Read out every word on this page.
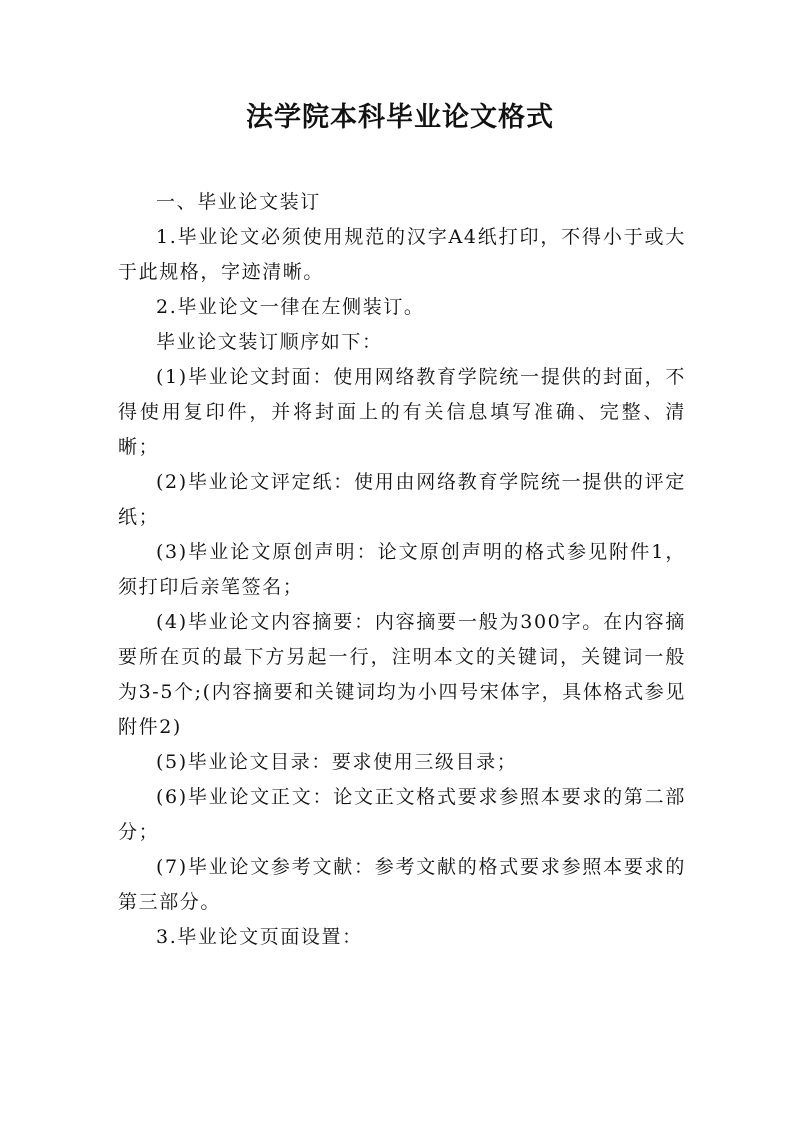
法学院本科毕业论文格式

一、毕业论文装订

1.毕业论文必须使用规范的汉字A4纸打印，不得小于或大于此规格，字迹清晰。

2.毕业论文一律在左侧装订。

毕业论文装订顺序如下：

(1)毕业论文封面：使用网络教育学院统一提供的封面，不得使用复印件，并将封面上的有关信息填写准确、完整、清晰；

(2)毕业论文评定纸：使用由网络教育学院统一提供的评定纸；

(3)毕业论文原创声明：论文原创声明的格式参见附件1，须打印后亲笔签名；

(4)毕业论文内容摘要：内容摘要一般为300字。在内容摘要所在页的最下方另起一行，注明本文的关键词，关键词一般为3-5个;(内容摘要和关键词均为小四号宋体字，具体格式参见附件2)

(5)毕业论文目录：要求使用三级目录；

(6)毕业论文正文：论文正文格式要求参照本要求的第二部分；

(7)毕业论文参考文献：参考文献的格式要求参照本要求的第三部分。

3.毕业论文页面设置：
